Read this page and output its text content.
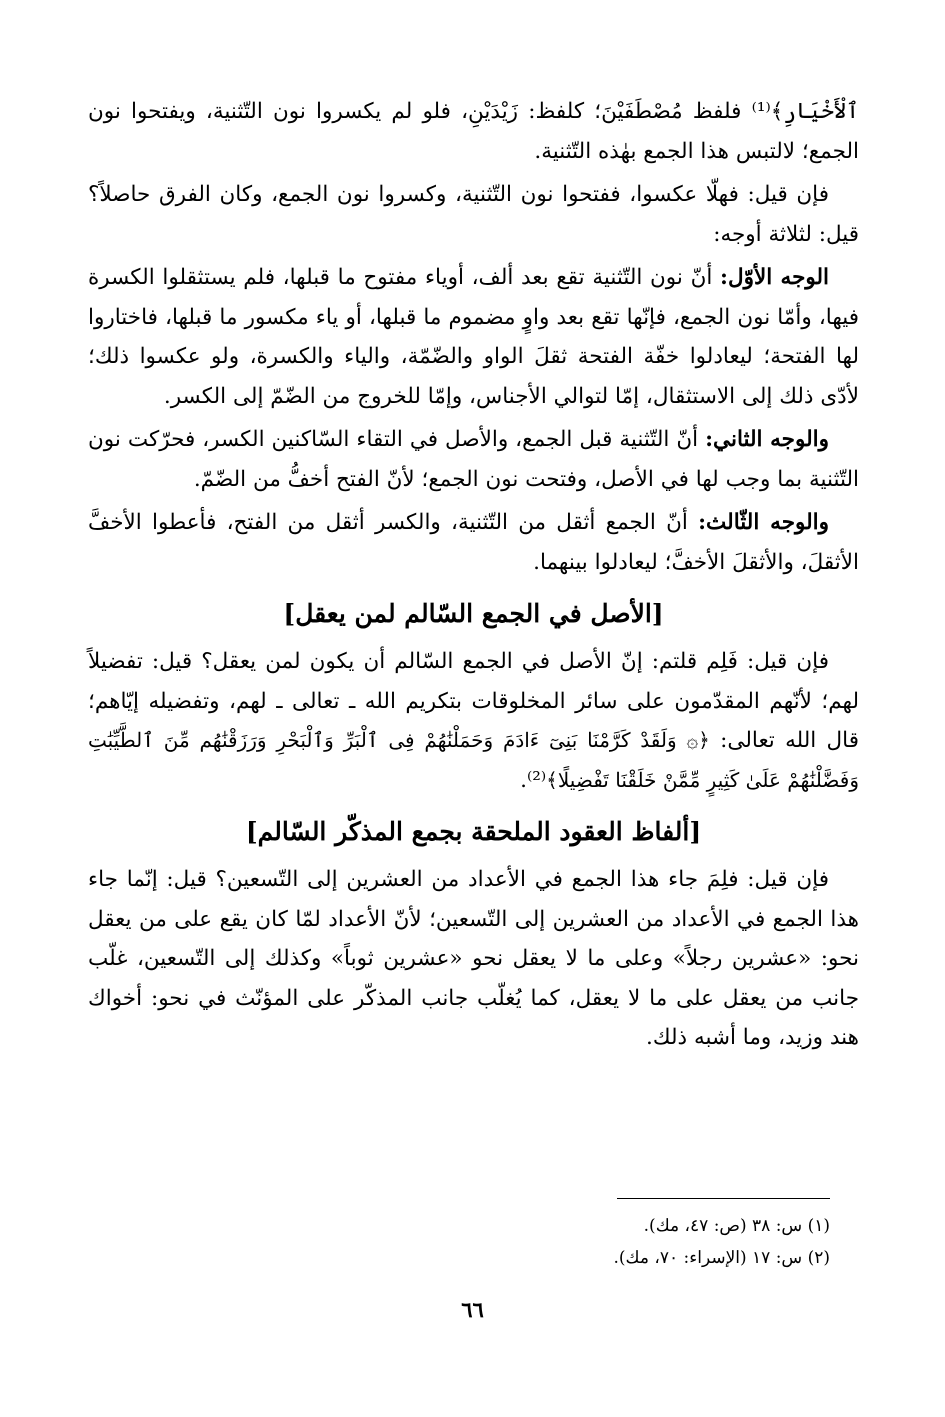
ٱلْأَخْيَارِ﴾⁽¹⁾ فلفظ مُصْطَفَيْنَ؛ كلفظ: زَيْدَيْنِ، فلو لم يكسروا نون التّثنية، ويفتحوا نون الجمع؛ لالتبس هذا الجمع بهٰذه التّثنية.

فإن قيل: فهلّا عكسوا، ففتحوا نون التّثنية، وكسروا نون الجمع، وكان الفرق حاصلاً؟ قيل: لثلاثة أوجه:

الوجه الأوّل: أنّ نون التّثنية تقع بعد ألف، أوياء مفتوح ما قبلها، فلم يستثقلوا الكسرة فيها، وأمّا نون الجمع، فإنّها تقع بعد واوٍ مضموم ما قبلها، أو ياء مكسور ما قبلها، فاختاروا لها الفتحة؛ ليعادلوا خفّة الفتحة ثقلَ الواو والضّمّة، والياء والكسرة، ولو عكسوا ذلك؛ لأدّى ذلك إلى الاستثقال، إمّا لتوالي الأجناس، وإمّا للخروج من الضّمّ إلى الكسر.

والوجه الثاني: أنّ التّثنية قبل الجمع، والأصل في التقاء السّاكنين الكسر، فحرّكت نون التّثنية بما وجب لها في الأصل، وفتحت نون الجمع؛ لأنّ الفتح أخفُّ من الضّمّ.

والوجه الثّالث: أنّ الجمع أثقل من التّثنية، والكسر أثقل من الفتح، فأعطوا الأخفَّ الأثقلَ، والأثقلَ الأخفَّ؛ ليعادلوا بينهما.

[الأصل في الجمع السّالم لمن يعقل]

فإن قيل: فَلِم قلتم: إنّ الأصل في الجمع السّالم أن يكون لمن يعقل؟ قيل: تفضيلاً لهم؛ لأنّهم المقدّمون على سائر المخلوقات بتكريم الله ـ تعالى ـ لهم، وتفضيله إيّاهم؛ قال الله تعالى: ﴿۞ وَلَقَدْ كَرَّمْنَا بَنِىٓ ءَادَمَ وَحَمَلْنَٰهُمْ فِى ٱلْبَرِّ وَٱلْبَحْرِ وَرَزَقْنَٰهُم مِّنَ ٱلطَّيِّبَٰتِ وَفَضَّلْنَٰهُمْ عَلَىٰ كَثِيرٍ مِّمَّنْ خَلَقْنَا تَفْضِيلًا﴾⁽²⁾.

[ألفاظ العقود الملحقة بجمع المذكّر السّالم]

فإن قيل: فلِمَ جاء هذا الجمع في الأعداد من العشرين إلى التّسعين؟ قيل: إنّما جاء هذا الجمع في الأعداد من العشرين إلى التّسعين؛ لأنّ الأعداد لمّا كان يقع على من يعقل نحو: «عشرين رجلاً» وعلى ما لا يعقل نحو «عشرين ثوباً» وكذلك إلى التّسعين، غلّب جانب من يعقل على ما لا يعقل، كما يُغلّب جانب المذكّر على المؤنّث في نحو: أخواك هند وزيد، وما أشبه ذلك.

(١) س: ٣٨ (ص: ٤٧، مك).
(٢) س: ١٧ (الإسراء: ٧٠، مك).
٦٦
